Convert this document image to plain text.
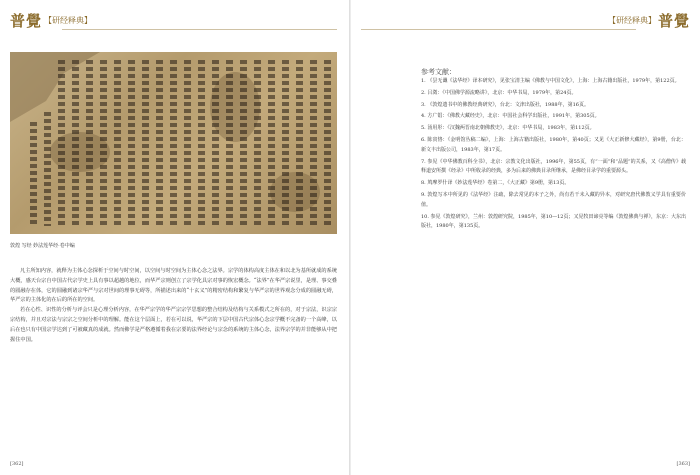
普覺 【研经释典】
敦煌 写经 妙法莲华经·卷中编

凡主所知内容，就释为主体心念探析于空间与时空间，以空间与时空间为主体心念之法界。宗学的体构高度主体在和以北为基所就成的系统大概，感天台宗自中国古代宗学史上具有事以超越的地位，而华严宗则创立了宗学化具宗对事的恢宏概念。“法界”在华严宗说里，是理、事交叠的圆融存在体，它的圆融到诸宗华严与宗对世间的理事无碍等，所描述出来的“十玄义”的精密结构和繁复与华严宗的世界观念分成的圆融无碍，华严宗的主体化的在后的所在的空间。

若在心性、识性的分析与评会只是心理分析内容，在华严宗学的华严宗宗学思想的整合结构及结构与关系模式之所在的，对于宗法，识宗宗宗结构，并且对宗法与宗宗之空间分析中的理解。能在这个层面上，若在可以说，华严宗的下层中国古代宗体心念宗学概不完备的一个高峰，以后在也只有中国宗学达到了可被藏真的成就。然而佛学是严格遵循着我在宗要的法界经论与宗念的系统的主体心念，法界宗学的并非能够从中把握住中国。

[362]
【研经释典】 普覺
参考文献：

1. 《昙无谶《法华经》译本研究》，见张宝清主编《佛教与中国文化》，上海：上海古籍出版社，1979年，第122页。

2. 吕澂：《中国佛学源流略讲》，北京：中华书局，1979年，第24页。

3. 《敦煌遗书中的佛教经典研究》，台北：文津出版社，1988年，第16页。

4. 方广锠：《佛教大藏经史》，北京：中国社会科学出版社，1991年，第305页。

5. 汤用彤：《汉魏两晋南北朝佛教史》，北京：中华书局，1983年，第112页。

6. 陈寅恪：《金明馆丛稿二编》，上海：上海古籍出版社，1980年，第40页；又见《大正新修大藏经》，第9册，台北：新文丰出版公司，1983年，第17页。

7. 参见《中华佛教百科全书》，北京：宗教文化出版社，1996年，第55页，有“一面”和“品题”的关系，又《高僧传》载释道安所撰《经录》中所收录的经典，多为后来的佛典目录所继承，是佛经目录学的重要源头。

8. 鸠摩罗什译《妙法莲华经》卷第二，《大正藏》第9册，第13页。

9. 敦煌写本中所见的《法华经》注疏，除去常见的本子之外，尚有若干未入藏的异本，对研究唐代佛教义学具有重要价值。

10. 参见《敦煌研究》，兰州：敦煌研究院，1985年，第10—12页；又见牧田谛亮等编《敦煌佛典与禅》，东京：大东出版社，1980年，第135页。

[363]
